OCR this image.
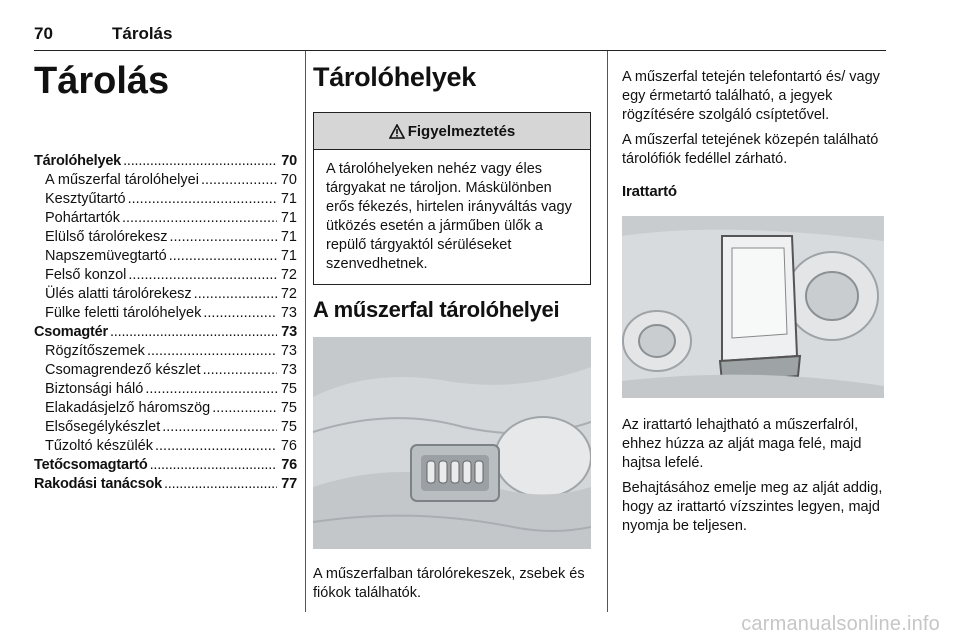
70	Tárolás
Tárolás
Tárolóhelyek .....	70
A műszerfal tárolóhelyei .....	70
Kesztyűtartó .....	71
Pohártartók .....	71
Elülső tárolórekesz .....	71
Napszemüvegtartó .....	71
Felső konzol .....	72
Ülés alatti tárolórekesz .....	72
Fülke feletti tárolóhelyek .....	73
Csomagtér .....	73
Rögzítőszemek .....	73
Csomagrendező készlet .....	73
Biztonsági háló .....	75
Elakadásjelző háromszög .....	75
Elsősegélykészlet .....	75
Tűzoltó készülék .....	76
Tetőcsomagtartó .....	76
Rakodási tanácsok .....	77
Tárolóhelyek
Figyelmeztetés
A tárolóhelyeken nehéz vagy éles tárgyakat ne tároljon. Máskülönben erős fékezés, hirtelen irányváltás vagy ütközés esetén a járműben ülők a repülő tárgyaktól sérüléseket szenvedhetnek.
A műszerfal tárolóhelyei
A műszerfalban tárolórekeszek, zsebek és fiókok találhatók.

A műszerfal tetején telefontartó és/ vagy egy érmetartó található, a jegyek rögzítésére szolgáló csíptetővel.

A műszerfal tetejének közepén található tárolófiók fedéllel zárható.

Irattartó

Az irattartó lehajtható a műszerfalról, ehhez húzza az alját maga felé, majd hajtsa lefelé.

Behajtásához emelje meg az alját addig, hogy az irattartó vízszintes legyen, majd nyomja be teljesen.

carmanualsonline.info
